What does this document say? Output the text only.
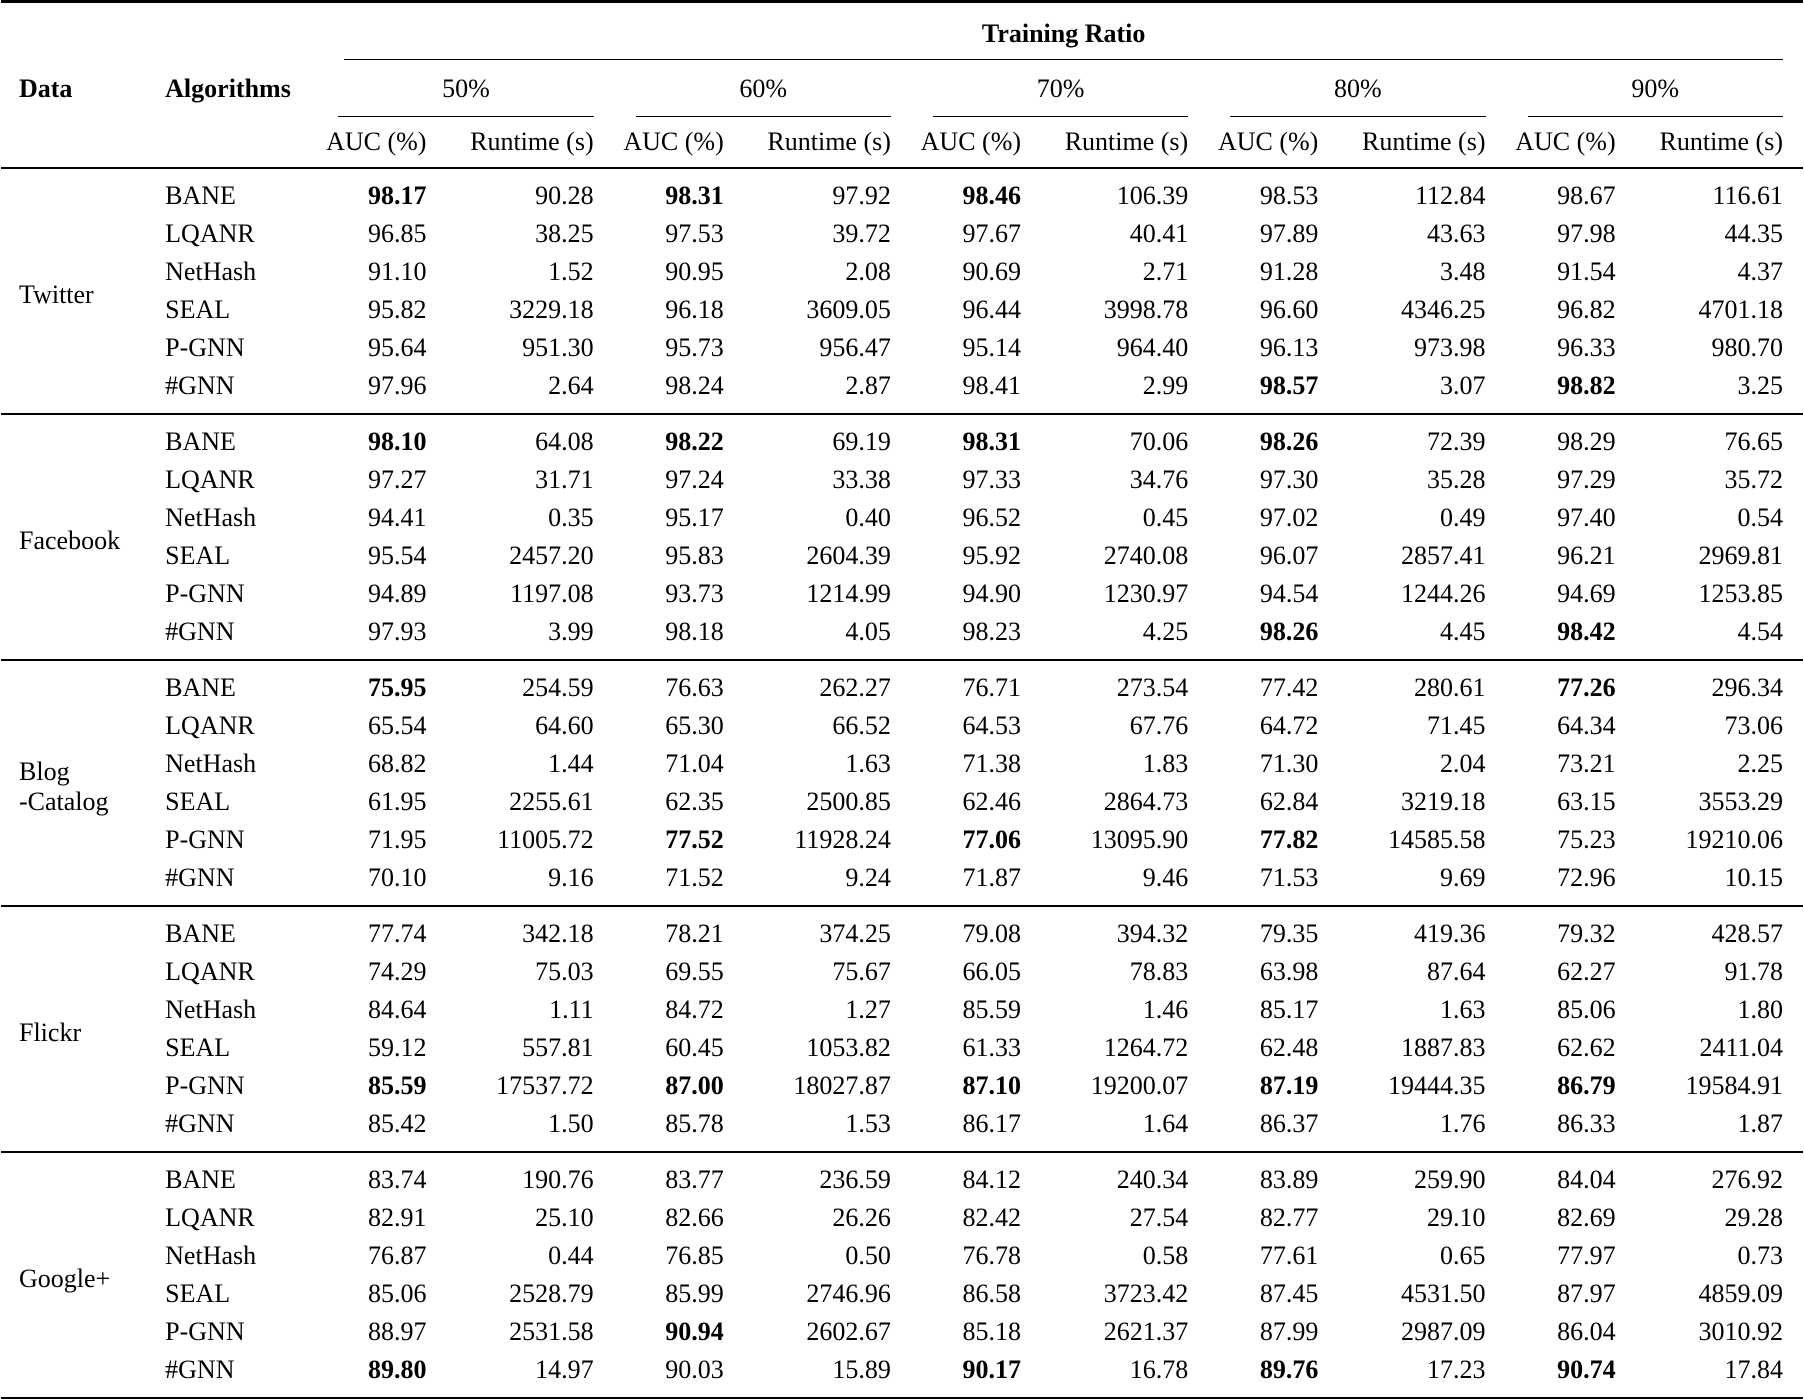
		Training Ratio									

Data	Algorithms	50%		60%		70%		80%		90%	

		AUC (%)	Runtime (s)	AUC (%)	Runtime (s)	AUC (%)	Runtime (s)	AUC (%)	Runtime (s)	AUC (%)	Runtime (s)

Twitter	BANE	98.17	90.28	98.31	97.92	98.46	106.39	98.53	112.84	98.67	116.61
	LQANR	96.85	38.25	97.53	39.72	97.67	40.41	97.89	43.63	97.98	44.35
	NetHash	91.10	1.52	90.95	2.08	90.69	2.71	91.28	3.48	91.54	4.37
	SEAL	95.82	3229.18	96.18	3609.05	96.44	3998.78	96.60	4346.25	96.82	4701.18
	P-GNN	95.64	951.30	95.73	956.47	95.14	964.40	96.13	973.98	96.33	980.70
	#GNN	97.96	2.64	98.24	2.87	98.41	2.99	98.57	3.07	98.82	3.25

Facebook	BANE	98.10	64.08	98.22	69.19	98.31	70.06	98.26	72.39	98.29	76.65
	LQANR	97.27	31.71	97.24	33.38	97.33	34.76	97.30	35.28	97.29	35.72
	NetHash	94.41	0.35	95.17	0.40	96.52	0.45	97.02	0.49	97.40	0.54
	SEAL	95.54	2457.20	95.83	2604.39	95.92	2740.08	96.07	2857.41	96.21	2969.81
	P-GNN	94.89	1197.08	93.73	1214.99	94.90	1230.97	94.54	1244.26	94.69	1253.85
	#GNN	97.93	3.99	98.18	4.05	98.23	4.25	98.26	4.45	98.42	4.54

Blog
-Catalog	BANE	75.95	254.59	76.63	262.27	76.71	273.54	77.42	280.61	77.26	296.34
	LQANR	65.54	64.60	65.30	66.52	64.53	67.76	64.72	71.45	64.34	73.06
	NetHash	68.82	1.44	71.04	1.63	71.38	1.83	71.30	2.04	73.21	2.25
	SEAL	61.95	2255.61	62.35	2500.85	62.46	2864.73	62.84	3219.18	63.15	3553.29
	P-GNN	71.95	11005.72	77.52	11928.24	77.06	13095.90	77.82	14585.58	75.23	19210.06
	#GNN	70.10	9.16	71.52	9.24	71.87	9.46	71.53	9.69	72.96	10.15

Flickr	BANE	77.74	342.18	78.21	374.25	79.08	394.32	79.35	419.36	79.32	428.57
	LQANR	74.29	75.03	69.55	75.67	66.05	78.83	63.98	87.64	62.27	91.78
	NetHash	84.64	1.11	84.72	1.27	85.59	1.46	85.17	1.63	85.06	1.80
	SEAL	59.12	557.81	60.45	1053.82	61.33	1264.72	62.48	1887.83	62.62	2411.04
	P-GNN	85.59	17537.72	87.00	18027.87	87.10	19200.07	87.19	19444.35	86.79	19584.91
	#GNN	85.42	1.50	85.78	1.53	86.17	1.64	86.37	1.76	86.33	1.87

Google+	BANE	83.74	190.76	83.77	236.59	84.12	240.34	83.89	259.90	84.04	276.92
	LQANR	82.91	25.10	82.66	26.26	82.42	27.54	82.77	29.10	82.69	29.28
	NetHash	76.87	0.44	76.85	0.50	76.78	0.58	77.61	0.65	77.97	0.73
	SEAL	85.06	2528.79	85.99	2746.96	86.58	3723.42	87.45	4531.50	87.97	4859.09
	P-GNN	88.97	2531.58	90.94	2602.67	85.18	2621.37	87.99	2987.09	86.04	3010.92
	#GNN	89.80	14.97	90.03	15.89	90.17	16.78	89.76	17.23	90.74	17.84
